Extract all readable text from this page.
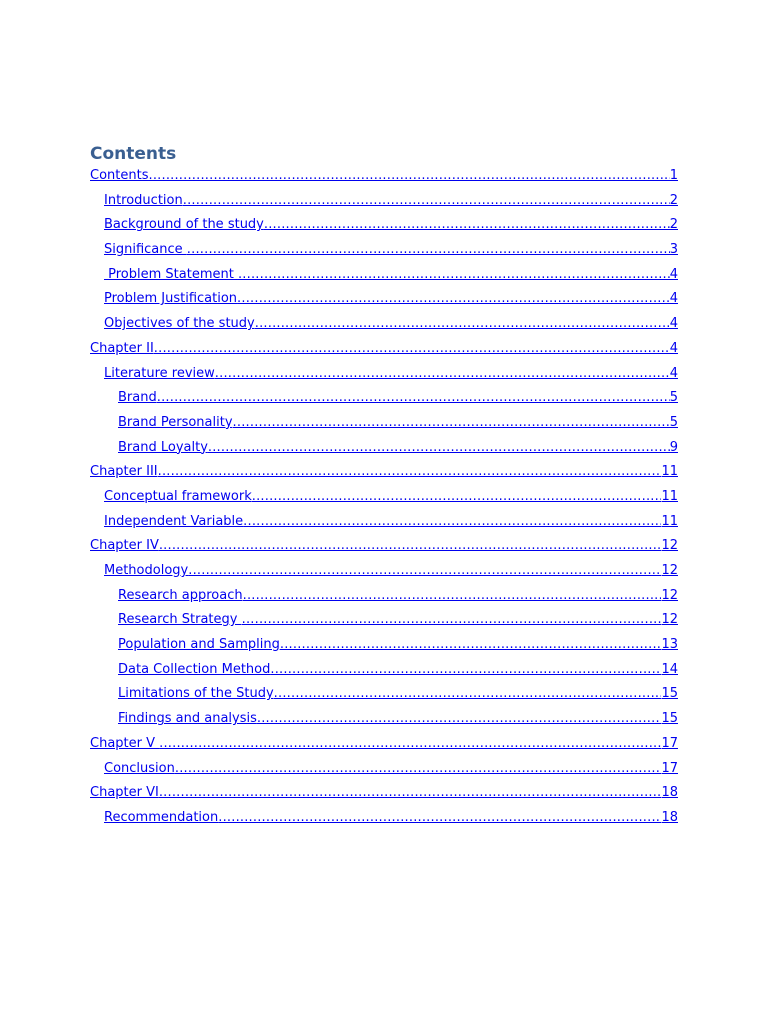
Contents
Contents .....	1
Introduction .....	2
Background of the study .....	2
Significance .....	3
Problem Statement .....	4
Problem Justification .....	4
Objectives of the study .....	4
Chapter II .....	4
Literature review .....	4
Brand .....	5
Brand Personality .....	5
Brand Loyalty .....	9
Chapter III .....	11
Conceptual framework .....	11
Independent Variable .....	11
Chapter IV .....	12
Methodology .....	12
Research approach .....	12
Research Strategy .....	12
Population and Sampling .....	13
Data Collection Method .....	14
Limitations of the Study .....	15
Findings and analysis .....	15
Chapter V .....	17
Conclusion .....	17
Chapter VI .....	18
Recommendation .....	18
